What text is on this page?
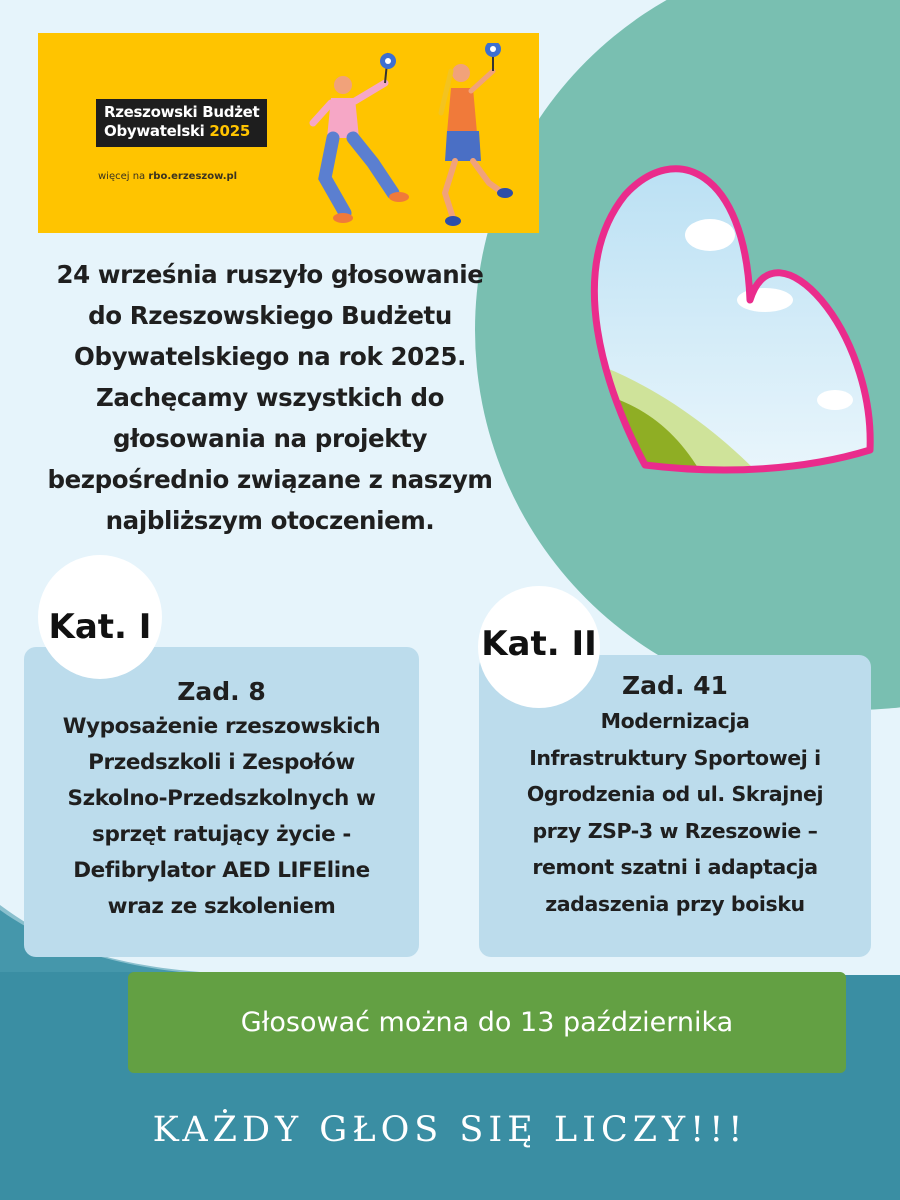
Rzeszowski Budżet
Obywatelski 2025
więcej na rbo.erzeszow.pl
24 września ruszyło głosowanie
do Rzeszowskiego Budżetu
Obywatelskiego na rok 2025.
Zachęcamy wszystkich do
głosowania na projekty
bezpośrednio związane z naszym
najbliższym otoczeniem.
Zad. 8
Wyposażenie rzeszowskich
Przedszkoli i Zespołów
Szkolno-Przedszkolnych w
sprzęt ratujący życie -
Defibrylator AED LIFEline
wraz ze szkoleniem
Kat. I
Zad. 41
Modernizacja
Infrastruktury Sportowej i
Ogrodzenia od ul. Skrajnej
przy ZSP-3 w Rzeszowie –
remont szatni i adaptacja
zadaszenia przy boisku
Kat. II
Głosować można do 13 października
KAŻDY GŁOS SIĘ LICZY!!!
